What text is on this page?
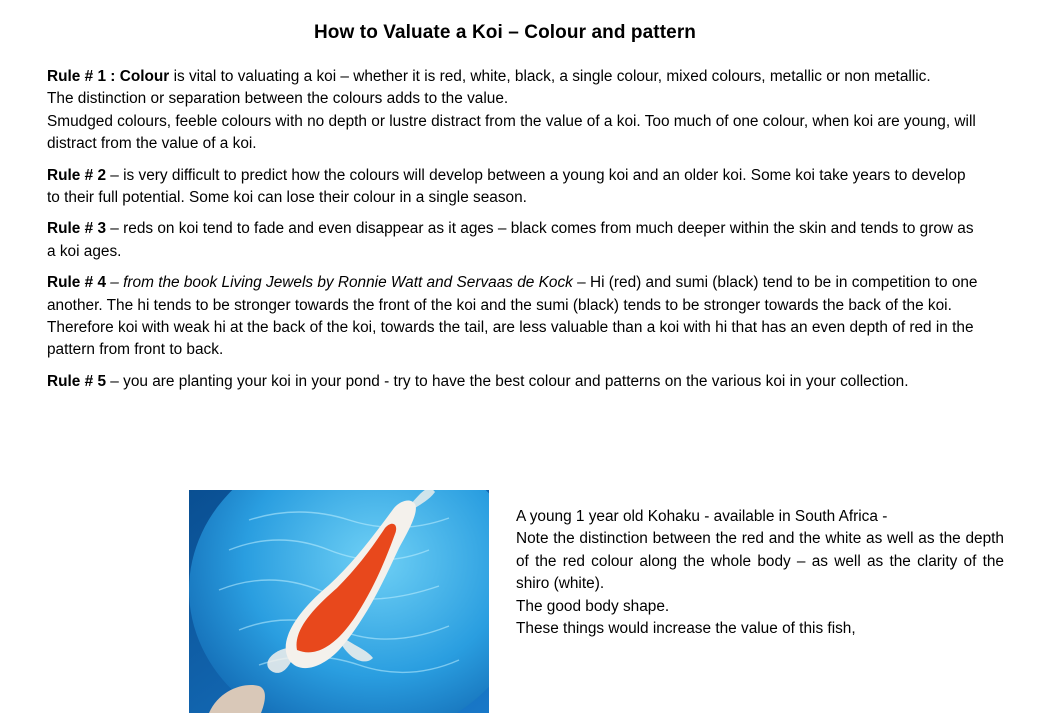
How to Valuate a Koi – Colour and pattern
Rule # 1 : Colour is vital to valuating a koi – whether it is red, white, black, a single colour, mixed colours, metallic or non metallic.
The distinction or separation between the colours adds to the value.
Smudged colours, feeble colours with no depth or lustre distract from the value of a koi. Too much of one colour, when koi are young, will distract from the value of a koi.
Rule # 2 – is very difficult to predict how the colours will develop between a young koi and an older koi. Some koi take years to develop to their full potential. Some koi can lose their colour in a single season.
Rule # 3 – reds on koi tend to fade and even disappear as it ages – black comes from much deeper within the skin and tends to grow as a koi ages.
Rule # 4 – from the book Living Jewels by Ronnie Watt and Servaas de Kock – Hi (red) and sumi (black) tend to be in competition to one another. The hi tends to be stronger towards the front of the koi and the sumi (black) tends to be stronger towards the back of the koi.
Therefore koi with weak hi at the back of the koi, towards the tail, are less valuable than a koi with hi that has an even depth of red in the pattern from front to back.
Rule # 5 – you are planting your koi in your pond - try to have the best colour and patterns on the various koi in your collection.
A young 1 year old Kohaku - available in South Africa -
Note the distinction between the red and the white as well as the depth of the red colour along the whole body – as well as the clarity of the shiro (white).
The good body shape.
These things would increase the value of this fish,
